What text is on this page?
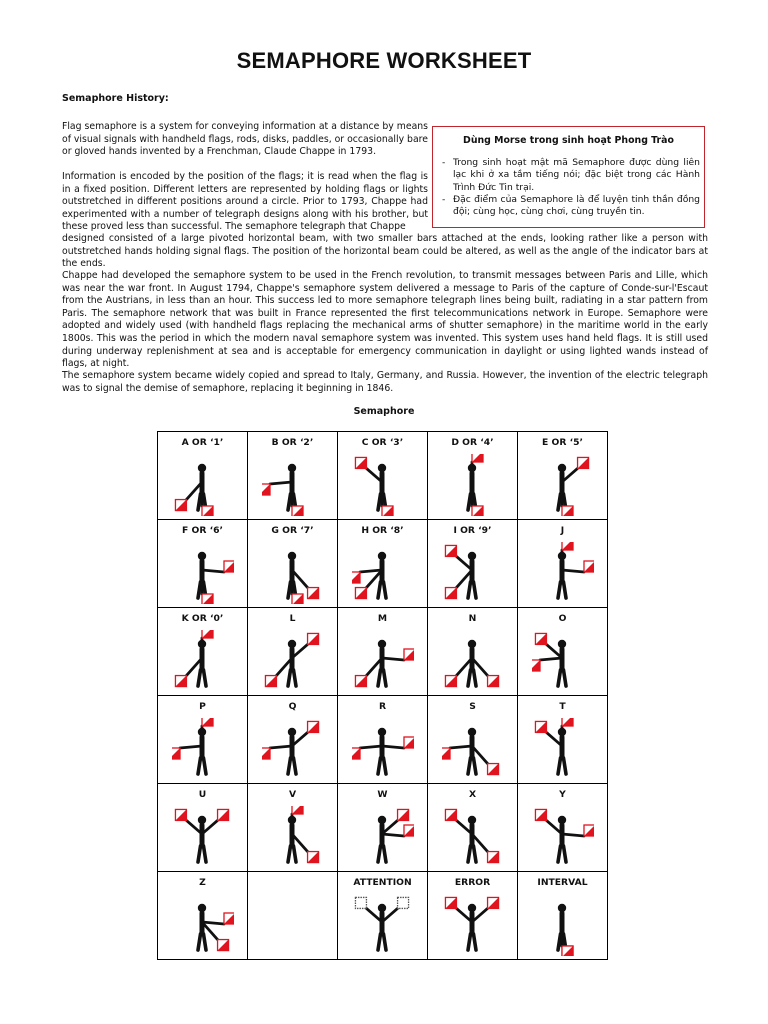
SEMAPHORE WORKSHEET
Semaphore History:
Flag semaphore is a system for conveying information at a distance by means of visual signals with handheld flags, rods, disks, paddles, or occasionally bare or gloved hands invented by a Frenchman, Claude Chappe in 1793.
Information is encoded by the position of the flags; it is read when the flag is in a fixed position. Different letters are represented by holding flags or lights outstretched in different positions around a circle. Prior to 1793, Chappe had experimented with a number of telegraph designs along with his brother, but these proved less than successful. The semaphore telegraph that Chappe
designed consisted of a large pivoted horizontal beam, with two smaller bars attached at the ends, looking rather like a person with outstretched hands holding signal flags. The position of the horizontal beam could be altered, as well as the angle of the indicator bars at the ends.
Chappe had developed the semaphore system to be used in the French revolution, to transmit messages between Paris and Lille, which was near the war front. In August 1794, Chappe's semaphore system delivered a message to Paris of the capture of Conde-sur-l'Escaut from the Austrians, in less than an hour. This success led to more semaphore telegraph lines being built, radiating in a star pattern from Paris. The semaphore network that was built in France represented the first telecommunications network in Europe. Semaphore were adopted and widely used (with handheld flags replacing the mechanical arms of shutter semaphore) in the maritime world in the early 1800s. This was the period in which the modern naval semaphore system was invented. This system uses hand held flags. It is still used during underway replenishment at sea and is acceptable for emergency communication in daylight or using lighted wands instead of flags, at night.
The semaphore system became widely copied and spread to Italy, Germany, and Russia. However, the invention of the electric telegraph was to signal the demise of semaphore, replacing it beginning in 1846.
Dùng Morse trong sinh hoạt Phong Trào
- Trong sinh hoạt mật mã Semaphore được dùng liên lạc khi ở xa tầm tiếng nói; đặc biệt trong các Hành Trình Đức Tin trại.
- Đặc điểm của Semaphore là để luyện tinh thần đồng đội; cùng học, cùng chơi, cùng truyền tin.
Semaphore
A OR ‘1’	B OR ‘2’	C OR ‘3’	D OR ‘4’	E OR ‘5’

F OR ‘6’	G OR ‘7’	H OR ‘8’	I OR ‘9’	J

K OR ‘0’	L	M	N	O

P	Q	R	S	T

U	V	W	X	Y

Z		ATTENTION	ERROR	INTERVAL
